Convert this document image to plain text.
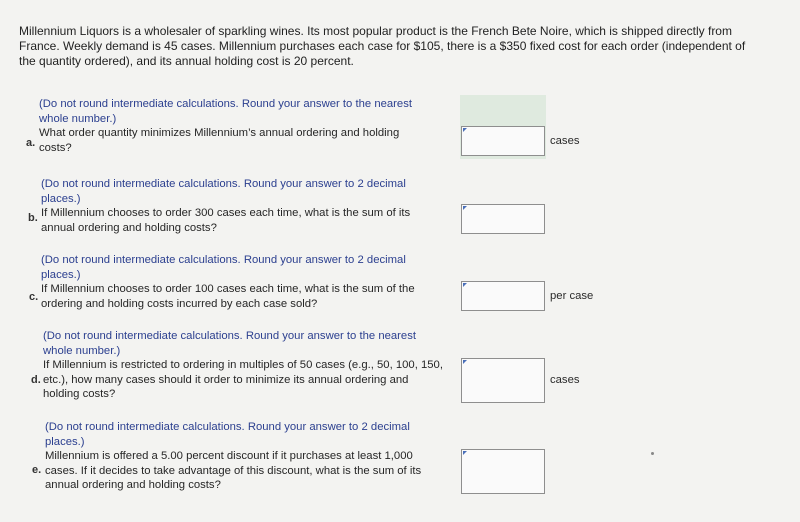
Millennium Liquors is a wholesaler of sparkling wines. Its most popular product is the French Bete Noire, which is shipped directly from France. Weekly demand is 45 cases. Millennium purchases each case for $105, there is a $350 fixed cost for each order (independent of the quantity ordered), and its annual holding cost is 20 percent.
a.
(Do not round intermediate calculations. Round your answer to the nearest whole number.)
What order quantity minimizes Millennium’s annual ordering and holding costs?
cases
b.
(Do not round intermediate calculations. Round your answer to 2 decimal places.)
If Millennium chooses to order 300 cases each time, what is the sum of its annual ordering and holding costs?
c.
(Do not round intermediate calculations. Round your answer to 2 decimal places.)
If Millennium chooses to order 100 cases each time, what is the sum of the ordering and holding costs incurred by each case sold?
per case
d.
(Do not round intermediate calculations. Round your answer to the nearest whole number.)
If Millennium is restricted to ordering in multiples of 50 cases (e.g., 50, 100, 150, etc.), how many cases should it order to minimize its annual ordering and holding costs?
cases
e.
(Do not round intermediate calculations. Round your answer to 2 decimal places.)
Millennium is offered a 5.00 percent discount if it purchases at least 1,000 cases. If it decides to take advantage of this discount, what is the sum of its annual ordering and holding costs?
